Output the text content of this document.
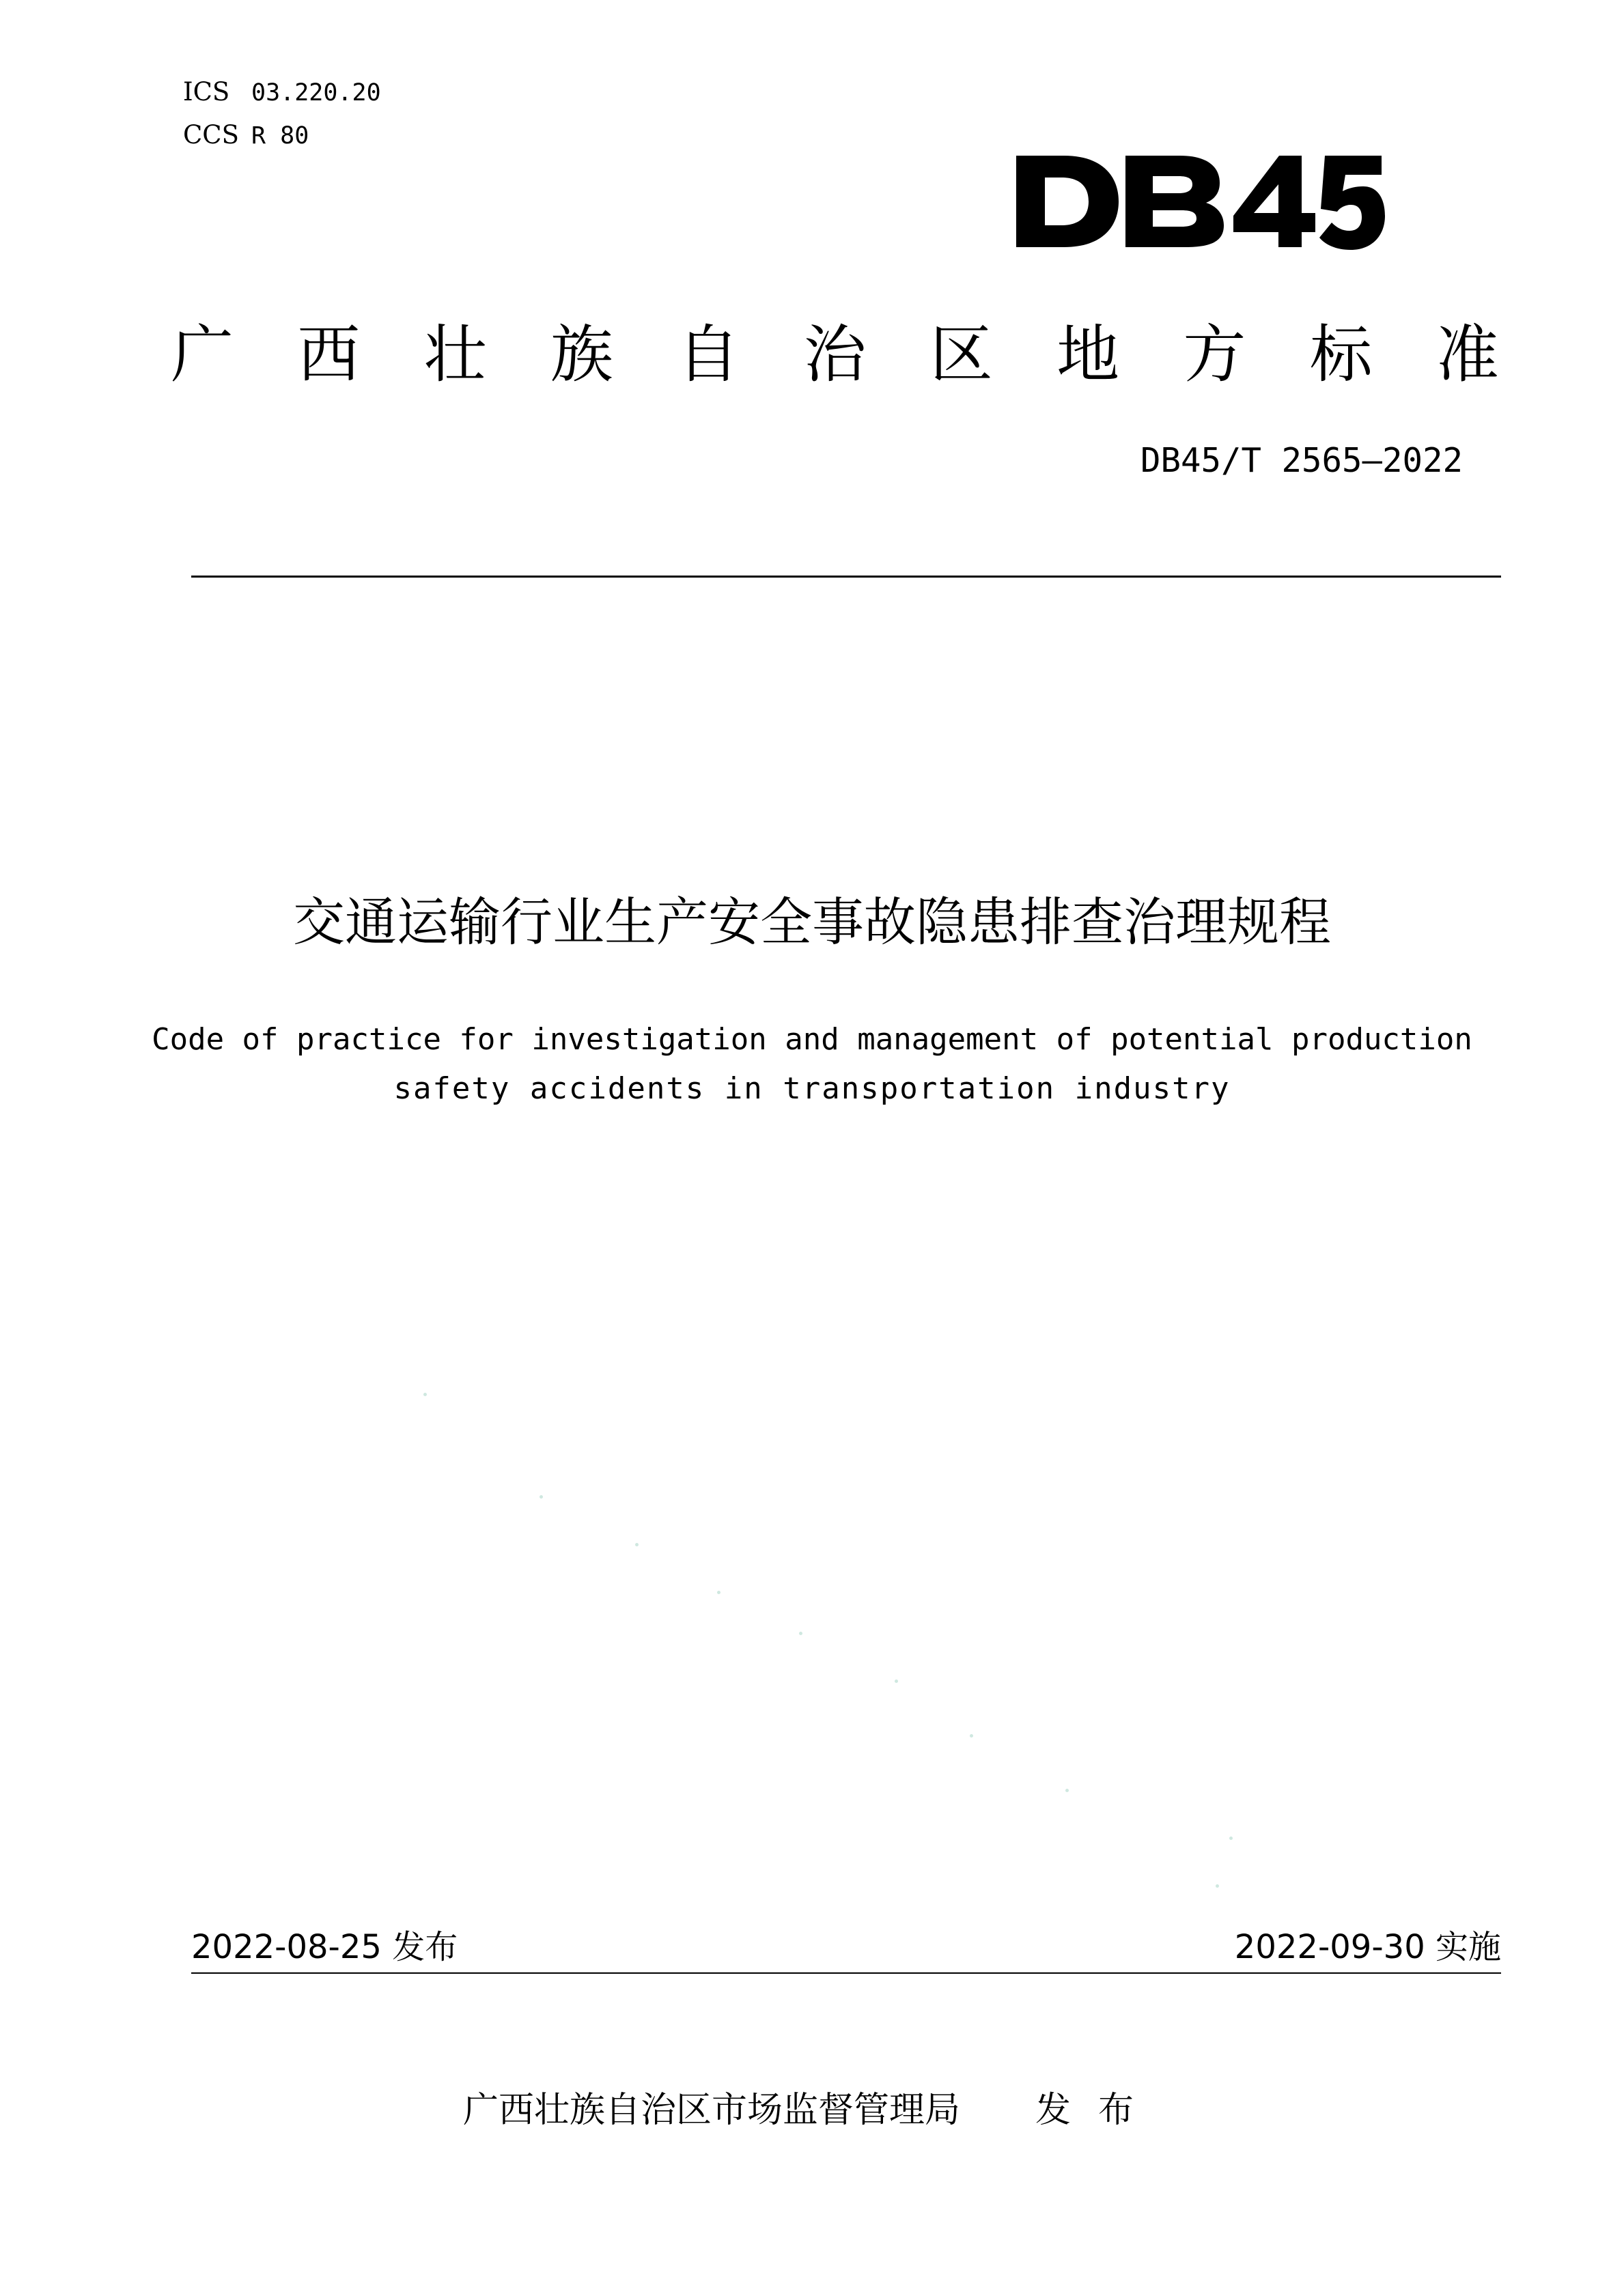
ICS 03.220.20
CCS R 80
广 西 壮 族 自 治 区 地 方 标 准
DB45/T 2565—2022
交通运输行业生产安全事故隐患排查治理规程
Code of practice for investigation and management of potential production
safety accidents in transportation industry
2022-08-25 发布	2022-09-30 实施
广西壮族自治区市场监督管理局 发布
